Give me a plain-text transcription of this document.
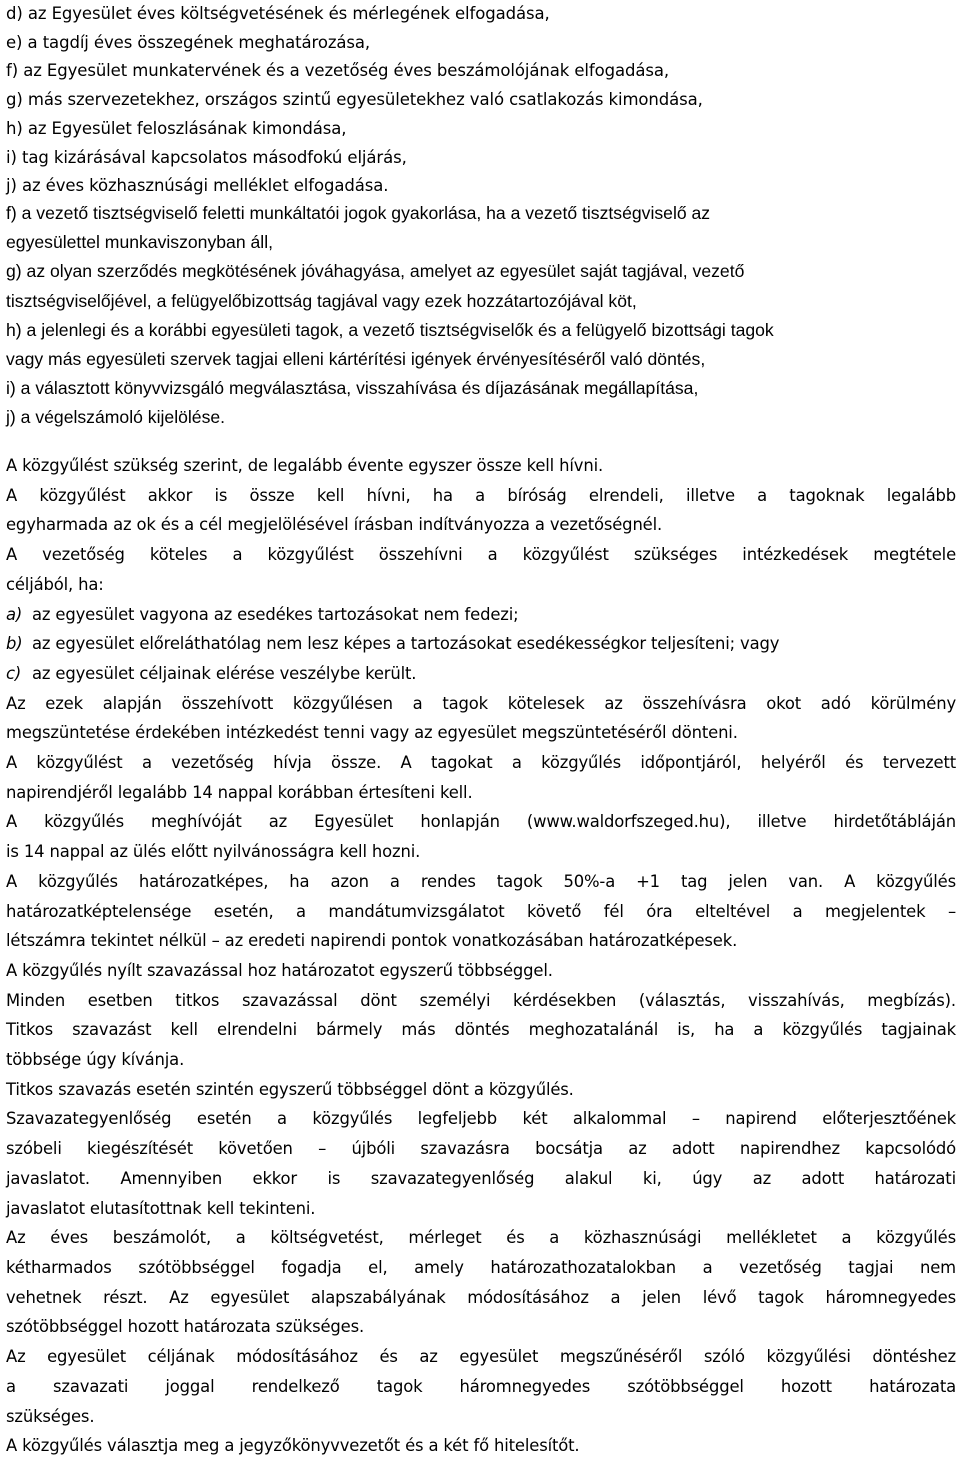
d) az Egyesület éves költségvetésének és mérlegének elfogadása,
e) a tagdíj éves összegének meghatározása,
f) az Egyesület munkatervének és a vezetőség éves beszámolójának elfogadása,
g) más szervezetekhez, országos szintű egyesületekhez való csatlakozás kimondása,
h) az Egyesület feloszlásának kimondása,
i) tag kizárásával kapcsolatos másodfokú eljárás,
j) az éves közhasznúsági melléklet elfogadása.
f) a vezető tisztségviselő feletti munkáltatói jogok gyakorlása, ha a vezető tisztségviselő az
egyesülettel munkaviszonyban áll,
g) az olyan szerződés megkötésének jóváhagyása, amelyet az egyesület saját tagjával, vezető
tisztségviselőjével, a felügyelőbizottság tagjával vagy ezek hozzátartozójával köt,
h) a jelenlegi és a korábbi egyesületi tagok, a vezető tisztségviselők és a felügyelő bizottsági tagok
vagy más egyesületi szervek tagjai elleni kártérítési igények érvényesítéséről való döntés,
i) a választott könyvvizsgáló megválasztása, visszahívása és díjazásának megállapítása,
j) a végelszámoló kijelölése.
A közgyűlést szükség szerint, de legalább évente egyszer össze kell hívni.
A közgyűlést akkor is össze kell hívni, ha a bíróság elrendeli, illetve a tagoknak legalább
egyharmada az ok és a cél megjelölésével írásban indítványozza a vezetőségnél.
A vezetőség köteles a közgyűlést összehívni a közgyűlést szükséges intézkedések megtétele
céljából, ha:
a) az egyesület vagyona az esedékes tartozásokat nem fedezi;
b) az egyesület előreláthatólag nem lesz képes a tartozásokat esedékességkor teljesíteni; vagy
c) az egyesület céljainak elérése veszélybe került.
Az ezek alapján összehívott közgyűlésen a tagok kötelesek az összehívásra okot adó körülmény
megszüntetése érdekében intézkedést tenni vagy az egyesület megszüntetéséről dönteni.
A közgyűlést a vezetőség hívja össze. A tagokat a közgyűlés időpontjáról, helyéről és tervezett
napirendjéről legalább 14 nappal korábban értesíteni kell.
A közgyűlés meghívóját az Egyesület honlapján (www.waldorfszeged.hu), illetve hirdetőtábláján
is 14 nappal az ülés előtt nyilvánosságra kell hozni.
A közgyűlés határozatképes, ha azon a rendes tagok 50%-a +1 tag jelen van. A közgyűlés
határozatképtelensége esetén, a mandátumvizsgálatot követő fél óra elteltével a megjelentek –
létszámra tekintet nélkül – az eredeti napirendi pontok vonatkozásában határozatképesek.
A közgyűlés nyílt szavazással hoz határozatot egyszerű többséggel.
Minden esetben titkos szavazással dönt személyi kérdésekben (választás, visszahívás, megbízás).
Titkos szavazást kell elrendelni bármely más döntés meghozatalánál is, ha a közgyűlés tagjainak
többsége úgy kívánja.
Titkos szavazás esetén szintén egyszerű többséggel dönt a közgyűlés.
Szavazategyenlőség esetén a közgyűlés legfeljebb két alkalommal – napirend előterjesztőének
szóbeli kiegészítését követően – újbóli szavazásra bocsátja az adott napirendhez kapcsolódó
javaslatot. Amennyiben ekkor is szavazategyenlőség alakul ki, úgy az adott határozati
javaslatot elutasítottnak kell tekinteni.
Az éves beszámolót, a költségvetést, mérleget és a közhasznúsági mellékletet a közgyűlés
kétharmados szótöbbséggel fogadja el, amely határozathozatalokban a vezetőség tagjai nem
vehetnek részt. Az egyesület alapszabályának módosításához a jelen lévő tagok háromnegyedes
szótöbbséggel hozott határozata szükséges.
Az egyesület céljának módosításához és az egyesület megszűnéséről szóló közgyűlési döntéshez
a szavazati joggal rendelkező tagok háromnegyedes szótöbbséggel hozott határozata
szükséges.
A közgyűlés választja meg a jegyzőkönyvvezetőt és a két fő hitelesítőt.
